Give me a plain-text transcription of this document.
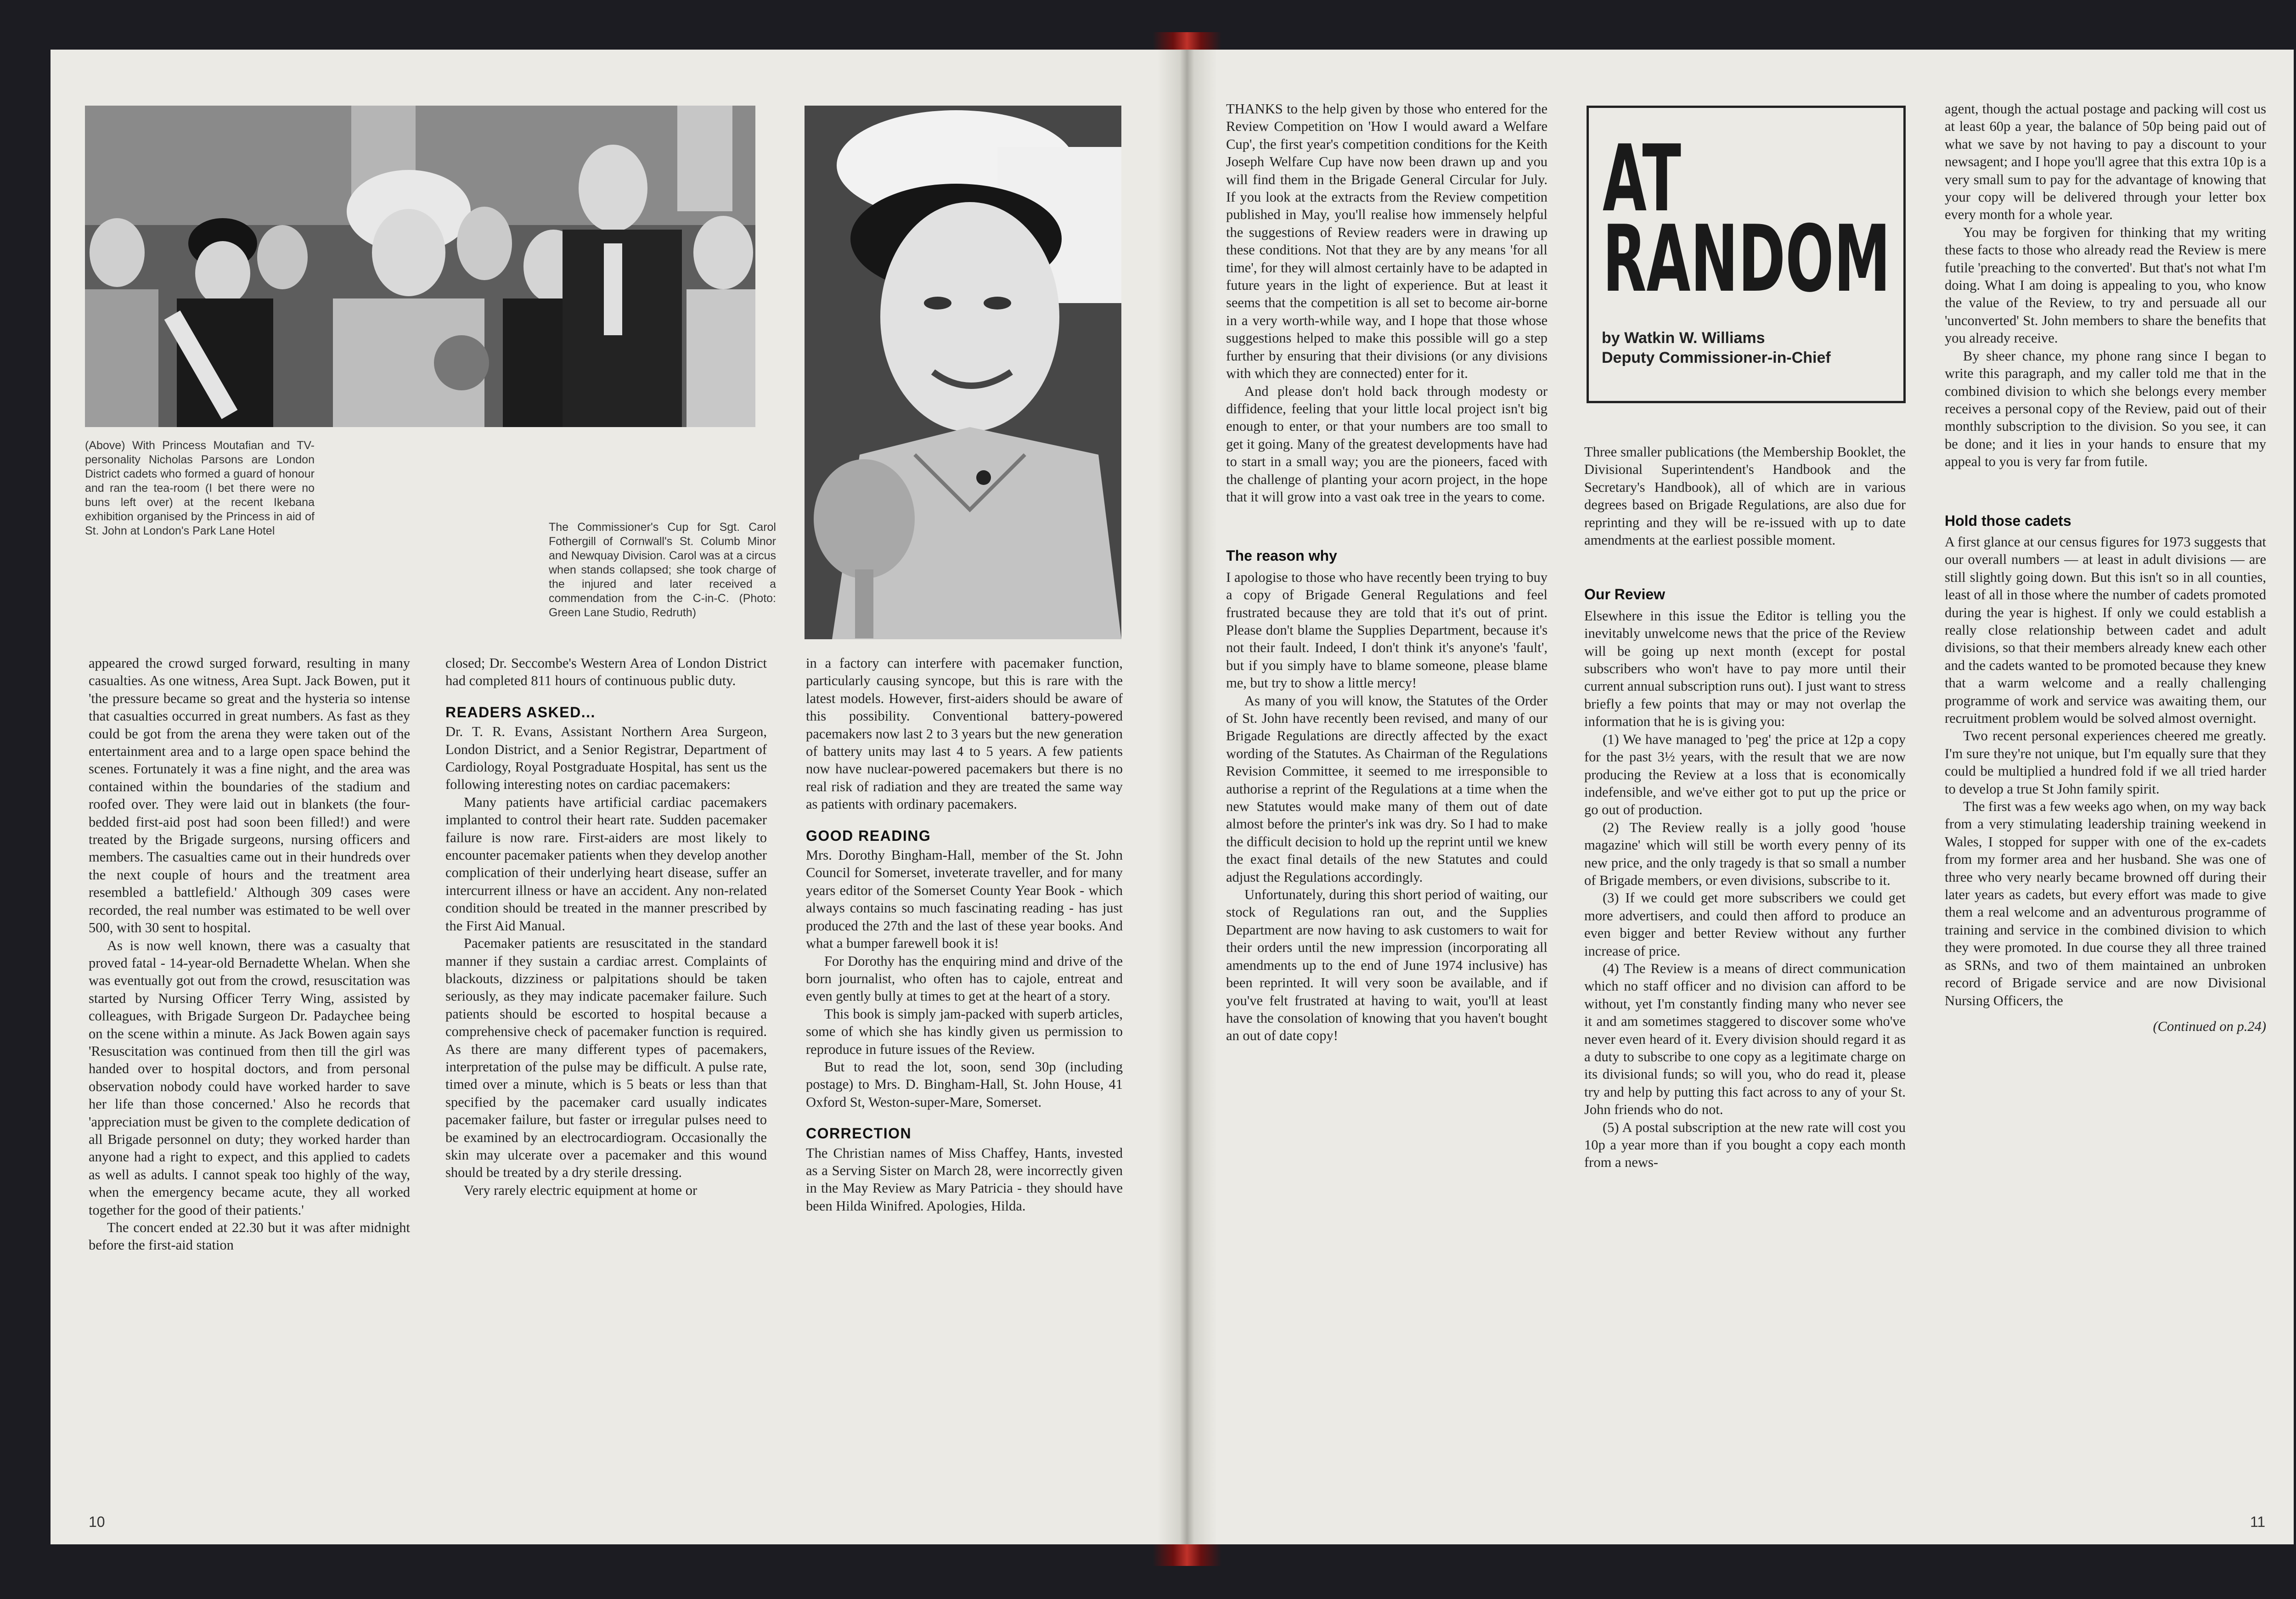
(Above) With Princess Moutafian and TV-personality Nicholas Parsons are London District cadets who formed a guard of honour and ran the tea-room (I bet there were no buns left over) at the recent Ikebana exhibition organised by the Princess in aid of St. John at London's Park Lane Hotel	The Commissioner's Cup for Sgt. Carol Fothergill of Cornwall's St. Columb Minor and Newquay Division. Carol was at a circus when stands collapsed; she took charge of the injured and later received a commendation from the C-in-C. (Photo: Green Lane Studio, Redruth)

appeared the crowd surged forward, resulting in many casualties. As one witness, Area Supt. Jack Bowen, put it 'the pressure became so great and the hysteria so intense that casualties occurred in great numbers. As fast as they could be got from the arena they were taken out of the entertainment area and to a large open space behind the scenes. Fortunately it was a fine night, and the area was contained within the boundaries of the stadium and roofed over. They were laid out in blankets (the four-bedded first-aid post had soon been filled!) and were treated by the Brigade surgeons, nursing officers and members. The casualties came out in their hundreds over the next couple of hours and the treatment area resembled a battlefield.' Although 309 cases were recorded, the real number was estimated to be well over 500, with 30 sent to hospital.

As is now well known, there was a casualty that proved fatal - 14-year-old Bernadette Whelan. When she was eventually got out from the crowd, resuscitation was started by Nursing Officer Terry Wing, assisted by colleagues, with Brigade Surgeon Dr. Padaychee being on the scene within a minute. As Jack Bowen again says 'Resuscitation was continued from then till the girl was handed over to hospital doctors, and from personal observation nobody could have worked harder to save her life than those concerned.' Also he records that 'appreciation must be given to the complete dedication of all Brigade personnel on duty; they worked harder than anyone had a right to expect, and this applied to cadets as well as adults. I cannot speak too highly of the way, when the emergency became acute, they all worked together for the good of their patients.'

The concert ended at 22.30 but it was after midnight before the first-aid station

closed; Dr. Seccombe's Western Area of London District had completed 811 hours of continuous public duty.

READERS ASKED...

Dr. T. R. Evans, Assistant Northern Area Surgeon, London District, and a Senior Registrar, Department of Cardiology, Royal Postgraduate Hospital, has sent us the following interesting notes on cardiac pacemakers:

Many patients have artificial cardiac pacemakers implanted to control their heart rate. Sudden pacemaker failure is now rare. First-aiders are most likely to encounter pacemaker patients when they develop another complication of their underlying heart disease, suffer an intercurrent illness or have an accident. Any non-related condition should be treated in the manner prescribed by the First Aid Manual.

Pacemaker patients are resuscitated in the standard manner if they sustain a cardiac arrest. Complaints of blackouts, dizziness or palpitations should be taken seriously, as they may indicate pacemaker failure. Such patients should be escorted to hospital because a comprehensive check of pacemaker function is required. As there are many different types of pacemakers, interpretation of the pulse may be difficult. A pulse rate, timed over a minute, which is 5 beats or less than that specified by the pacemaker card usually indicates pacemaker failure, but faster or irregular pulses need to be examined by an electrocardiogram. Occasionally the skin may ulcerate over a pacemaker and this wound should be treated by a dry sterile dressing.

Very rarely electric equipment at home or

in a factory can interfere with pacemaker function, particularly causing syncope, but this is rare with the latest models. However, first-aiders should be aware of this possibility. Conventional battery-powered pacemakers now last 2 to 3 years but the new generation of battery units may last 4 to 5 years. A few patients now have nuclear-powered pacemakers but there is no real risk of radiation and they are treated the same way as patients with ordinary pacemakers.

GOOD READING

Mrs. Dorothy Bingham-Hall, member of the St. John Council for Somerset, inveterate traveller, and for many years editor of the Somerset County Year Book - which always contains so much fascinating reading - has just produced the 27th and the last of these year books. And what a bumper farewell book it is!

For Dorothy has the enquiring mind and drive of the born journalist, who often has to cajole, entreat and even gently bully at times to get at the heart of a story.

This book is simply jam-packed with superb articles, some of which she has kindly given us permission to reproduce in future issues of the Review.

But to read the lot, soon, send 30p (including postage) to Mrs. D. Bingham-Hall, St. John House, 41 Oxford St, Weston-super-Mare, Somerset.

CORRECTION

The Christian names of Miss Chaffey, Hants, invested as a Serving Sister on March 28, were incorrectly given in the May Review as Mary Patricia - they should have been Hilda Winifred. Apologies, Hilda.

10

THANKS to the help given by those who entered for the Review Competition on 'How I would award a Welfare Cup', the first year's competition conditions for the Keith Joseph Welfare Cup have now been drawn up and you will find them in the Brigade General Circular for July. If you look at the extracts from the Review competition published in May, you'll realise how immensely helpful the suggestions of Review readers were in drawing up these conditions. Not that they are by any means 'for all time', for they will almost certainly have to be adapted in future years in the light of experience. But at least it seems that the competition is all set to become air-borne in a very worth-while way, and I hope that those whose suggestions helped to make this possible will go a step further by ensuring that their divisions (or any divisions with which they are connected) enter for it.

And please don't hold back through modesty or diffidence, feeling that your little local project isn't big enough to enter, or that your numbers are too small to get it going. Many of the greatest developments have had to start in a small way; you are the pioneers, faced with the challenge of planting your acorn project, in the hope that it will grow into a vast oak tree in the years to come.

The reason why

I apologise to those who have recently been trying to buy a copy of Brigade General Regulations and feel frustrated because they are told that it's out of print. Please don't blame the Supplies Department, because it's not their fault. Indeed, I don't think it's anyone's 'fault', but if you simply have to blame someone, please blame me, but try to show a little mercy!

As many of you will know, the Statutes of the Order of St. John have recently been revised, and many of our Brigade Regulations are directly affected by the exact wording of the Statutes. As Chairman of the Regulations Revision Committee, it seemed to me irresponsible to authorise a reprint of the Regulations at a time when the new Statutes would make many of them out of date almost before the printer's ink was dry. So I had to make the difficult decision to hold up the reprint until we knew the exact final details of the new Statutes and could adjust the Regulations accordingly.

Unfortunately, during this short period of waiting, our stock of Regulations ran out, and the Supplies Department are now having to ask customers to wait for their orders until the new impression (incorporating all amendments up to the end of June 1974 inclusive) has been reprinted. It will very soon be available, and if you've felt frustrated at having to wait, you'll at least have the consolation of knowing that you haven't bought an out of date copy!

AT
RANDOM
by Watkin W. Williams
Deputy Commissioner-in-Chief

Three smaller publications (the Membership Booklet, the Divisional Superintendent's Handbook and the Secretary's Handbook), all of which are in various degrees based on Brigade Regulations, are also due for reprinting and they will be re-issued with up to date amendments at the earliest possible moment.

Our Review

Elsewhere in this issue the Editor is telling you the inevitably unwelcome news that the price of the Review will be going up next month (except for postal subscribers who won't have to pay more until their current annual subscription runs out). I just want to stress briefly a few points that may or may not overlap the information that he is is giving you:

(1) We have managed to 'peg' the price at 12p a copy for the past 3½ years, with the result that we are now producing the Review at a loss that is economically indefensible, and we've either got to put up the price or go out of production.

(2) The Review really is a jolly good 'house magazine' which will still be worth every penny of its new price, and the only tragedy is that so small a number of Brigade members, or even divisions, subscribe to it.

(3) If we could get more subscribers we could get more advertisers, and could then afford to produce an even bigger and better Review without any further increase of price.

(4) The Review is a means of direct communication which no staff officer and no division can afford to be without, yet I'm constantly finding many who never see it and am sometimes staggered to discover some who've never even heard of it. Every division should regard it as a duty to subscribe to one copy as a legitimate charge on its divisional funds; so will you, who do read it, please try and help by putting this fact across to any of your St. John friends who do not.

(5) A postal subscription at the new rate will cost you 10p a year more than if you bought a copy each month from a news-

agent, though the actual postage and packing will cost us at least 60p a year, the balance of 50p being paid out of what we save by not having to pay a discount to your newsagent; and I hope you'll agree that this extra 10p is a very small sum to pay for the advantage of knowing that your copy will be delivered through your letter box every month for a whole year.

You may be forgiven for thinking that my writing these facts to those who already read the Review is mere futile 'preaching to the converted'. But that's not what I'm doing. What I am doing is appealing to you, who know the value of the Review, to try and persuade all our 'unconverted' St. John members to share the benefits that you already receive.

By sheer chance, my phone rang since I began to write this paragraph, and my caller told me that in the combined division to which she belongs every member receives a personal copy of the Review, paid out of their monthly subscription to the division. So you see, it can be done; and it lies in your hands to ensure that my appeal to you is very far from futile.

Hold those cadets

A first glance at our census figures for 1973 suggests that our overall numbers — at least in adult divisions — are still slightly going down. But this isn't so in all counties, least of all in those where the number of cadets promoted during the year is highest. If only we could establish a really close relationship between cadet and adult divisions, so that their members already knew each other and the cadets wanted to be promoted because they knew that a warm welcome and a really challenging programme of work and service was awaiting them, our recruitment problem would be solved almost overnight.

Two recent personal experiences cheered me greatly. I'm sure they're not unique, but I'm equally sure that they could be multiplied a hundred fold if we all tried harder to develop a true St John family spirit.

The first was a few weeks ago when, on my way back from a very stimulating leadership training weekend in Wales, I stopped for supper with one of the ex-cadets from my former area and her husband. She was one of three who very nearly became browned off during their later years as cadets, but every effort was made to give them a real welcome and an adventurous programme of training and service in the combined division to which they were promoted. In due course they all three trained as SRNs, and two of them maintained an unbroken record of Brigade service and are now Divisional Nursing Officers, the

(Continued on p.24)
11
